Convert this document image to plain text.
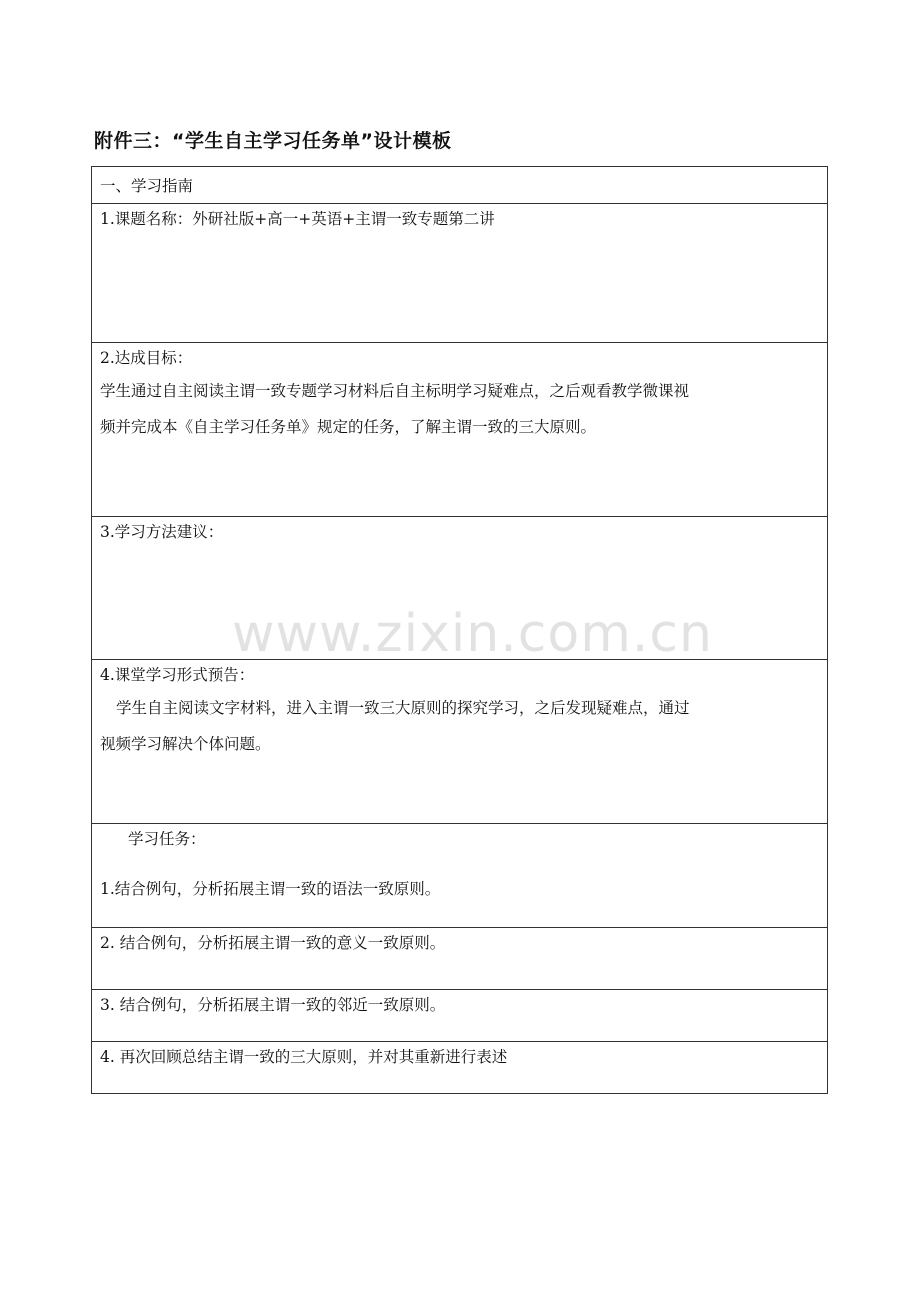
附件三：“学生自主学习任务单”设计模板
一、学习指南

1.课题名称：外研社版+高一+英语+主谓一致专题第二讲

2.达成目标：
学生通过自主阅读主谓一致专题学习材料后自主标明学习疑难点，之后观看教学微课视
频并完成本《自主学习任务单》规定的任务，了解主谓一致的三大原则。

3.学习方法建议：

4.课堂学习形式预告：
学生自主阅读文字材料，进入主谓一致三大原则的探究学习，之后发现疑难点，通过
视频学习解决个体问题。

学习任务：
1.结合例句，分析拓展主谓一致的语法一致原则。

2. 结合例句，分析拓展主谓一致的意义一致原则。

3. 结合例句，分析拓展主谓一致的邻近一致原则。

4. 再次回顾总结主谓一致的三大原则，并对其重新进行表述
www.zixin.com.cn
